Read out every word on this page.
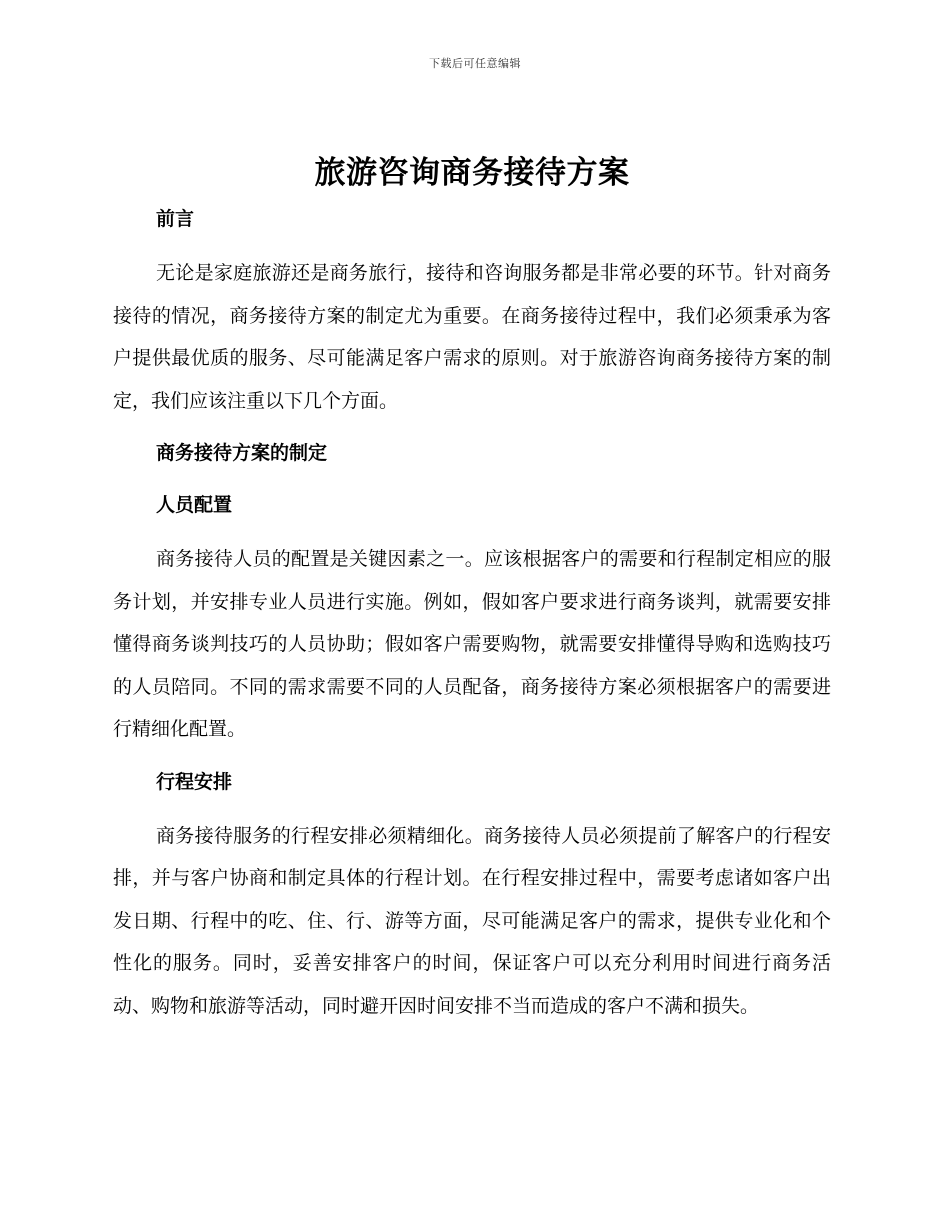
下载后可任意编辑
旅游咨询商务接待方案
前言

无论是家庭旅游还是商务旅行，接待和咨询服务都是非常必要的环节。针对商务接待的情况，商务接待方案的制定尤为重要。在商务接待过程中，我们必须秉承为客户提供最优质的服务、尽可能满足客户需求的原则。对于旅游咨询商务接待方案的制定，我们应该注重以下几个方面。

商务接待方案的制定
人员配置

商务接待人员的配置是关键因素之一。应该根据客户的需要和行程制定相应的服务计划，并安排专业人员进行实施。例如，假如客户要求进行商务谈判，就需要安排懂得商务谈判技巧的人员协助；假如客户需要购物，就需要安排懂得导购和选购技巧的人员陪同。不同的需求需要不同的人员配备，商务接待方案必须根据客户的需要进行精细化配置。

行程安排

商务接待服务的行程安排必须精细化。商务接待人员必须提前了解客户的行程安排，并与客户协商和制定具体的行程计划。在行程安排过程中，需要考虑诸如客户出发日期、行程中的吃、住、行、游等方面，尽可能满足客户的需求，提供专业化和个性化的服务。同时，妥善安排客户的时间，保证客户可以充分利用时间进行商务活动、购物和旅游等活动，同时避开因时间安排不当而造成的客户不满和损失。
